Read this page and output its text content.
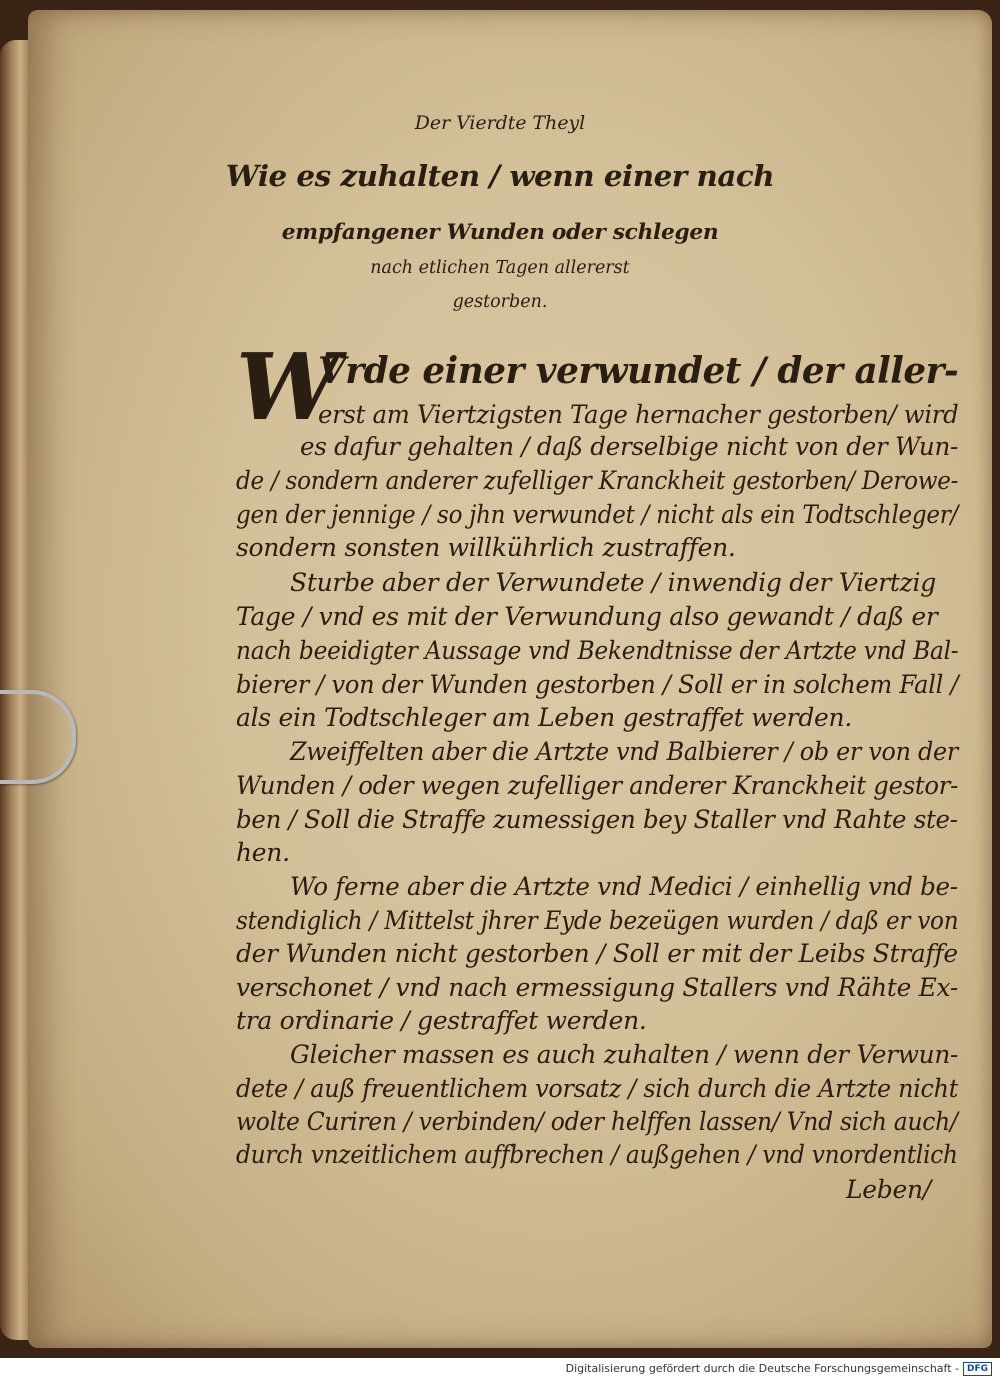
Der Vierdte Theyl

Wie es zuhalten / wenn einer nach

empfangener Wunden oder schlegen

nach etlichen Tagen allererst

gestorben.

W

Vrde einer verwundet / der aller-

erst am Viertzigsten Tage hernacher gestorben/ wird

es dafur gehalten / daß derselbige nicht von der Wun-

de / sondern anderer zufelliger Kranckheit gestorben/ Derowe-

gen der jennige / so jhn verwundet / nicht als ein Todtschleger/

sondern sonsten willkührlich zustraffen.

Sturbe aber der Verwundete / inwendig der Viertzig

Tage / vnd es mit der Verwundung also gewandt / daß er

nach beeidigter Aussage vnd Bekendtnisse der Artzte vnd Bal-

bierer / von der Wunden gestorben / Soll er in solchem Fall /

als ein Todtschleger am Leben gestraffet werden.

Zweiffelten aber die Artzte vnd Balbierer / ob er von der

Wunden / oder wegen zufelliger anderer Kranckheit gestor-

ben / Soll die Straffe zumessigen bey Staller vnd Rahte ste-

hen.

Wo ferne aber die Artzte vnd Medici / einhellig vnd be-

stendiglich / Mittelst jhrer Eyde bezeügen wurden / daß er von

der Wunden nicht gestorben / Soll er mit der Leibs Straffe

verschonet / vnd nach ermessigung Stallers vnd Rähte Ex-

tra ordinarie / gestraffet werden.

Gleicher massen es auch zuhalten / wenn der Verwun-

dete / auß freuentlichem vorsatz / sich durch die Artzte nicht

wolte Curiren / verbinden/ oder helffen lassen/ Vnd sich auch/

durch vnzeitlichem auffbrechen / außgehen / vnd vnordentlich

Leben/

Digitalisierung gefördert durch die Deutsche Forschungsgemeinschaft - DFG
